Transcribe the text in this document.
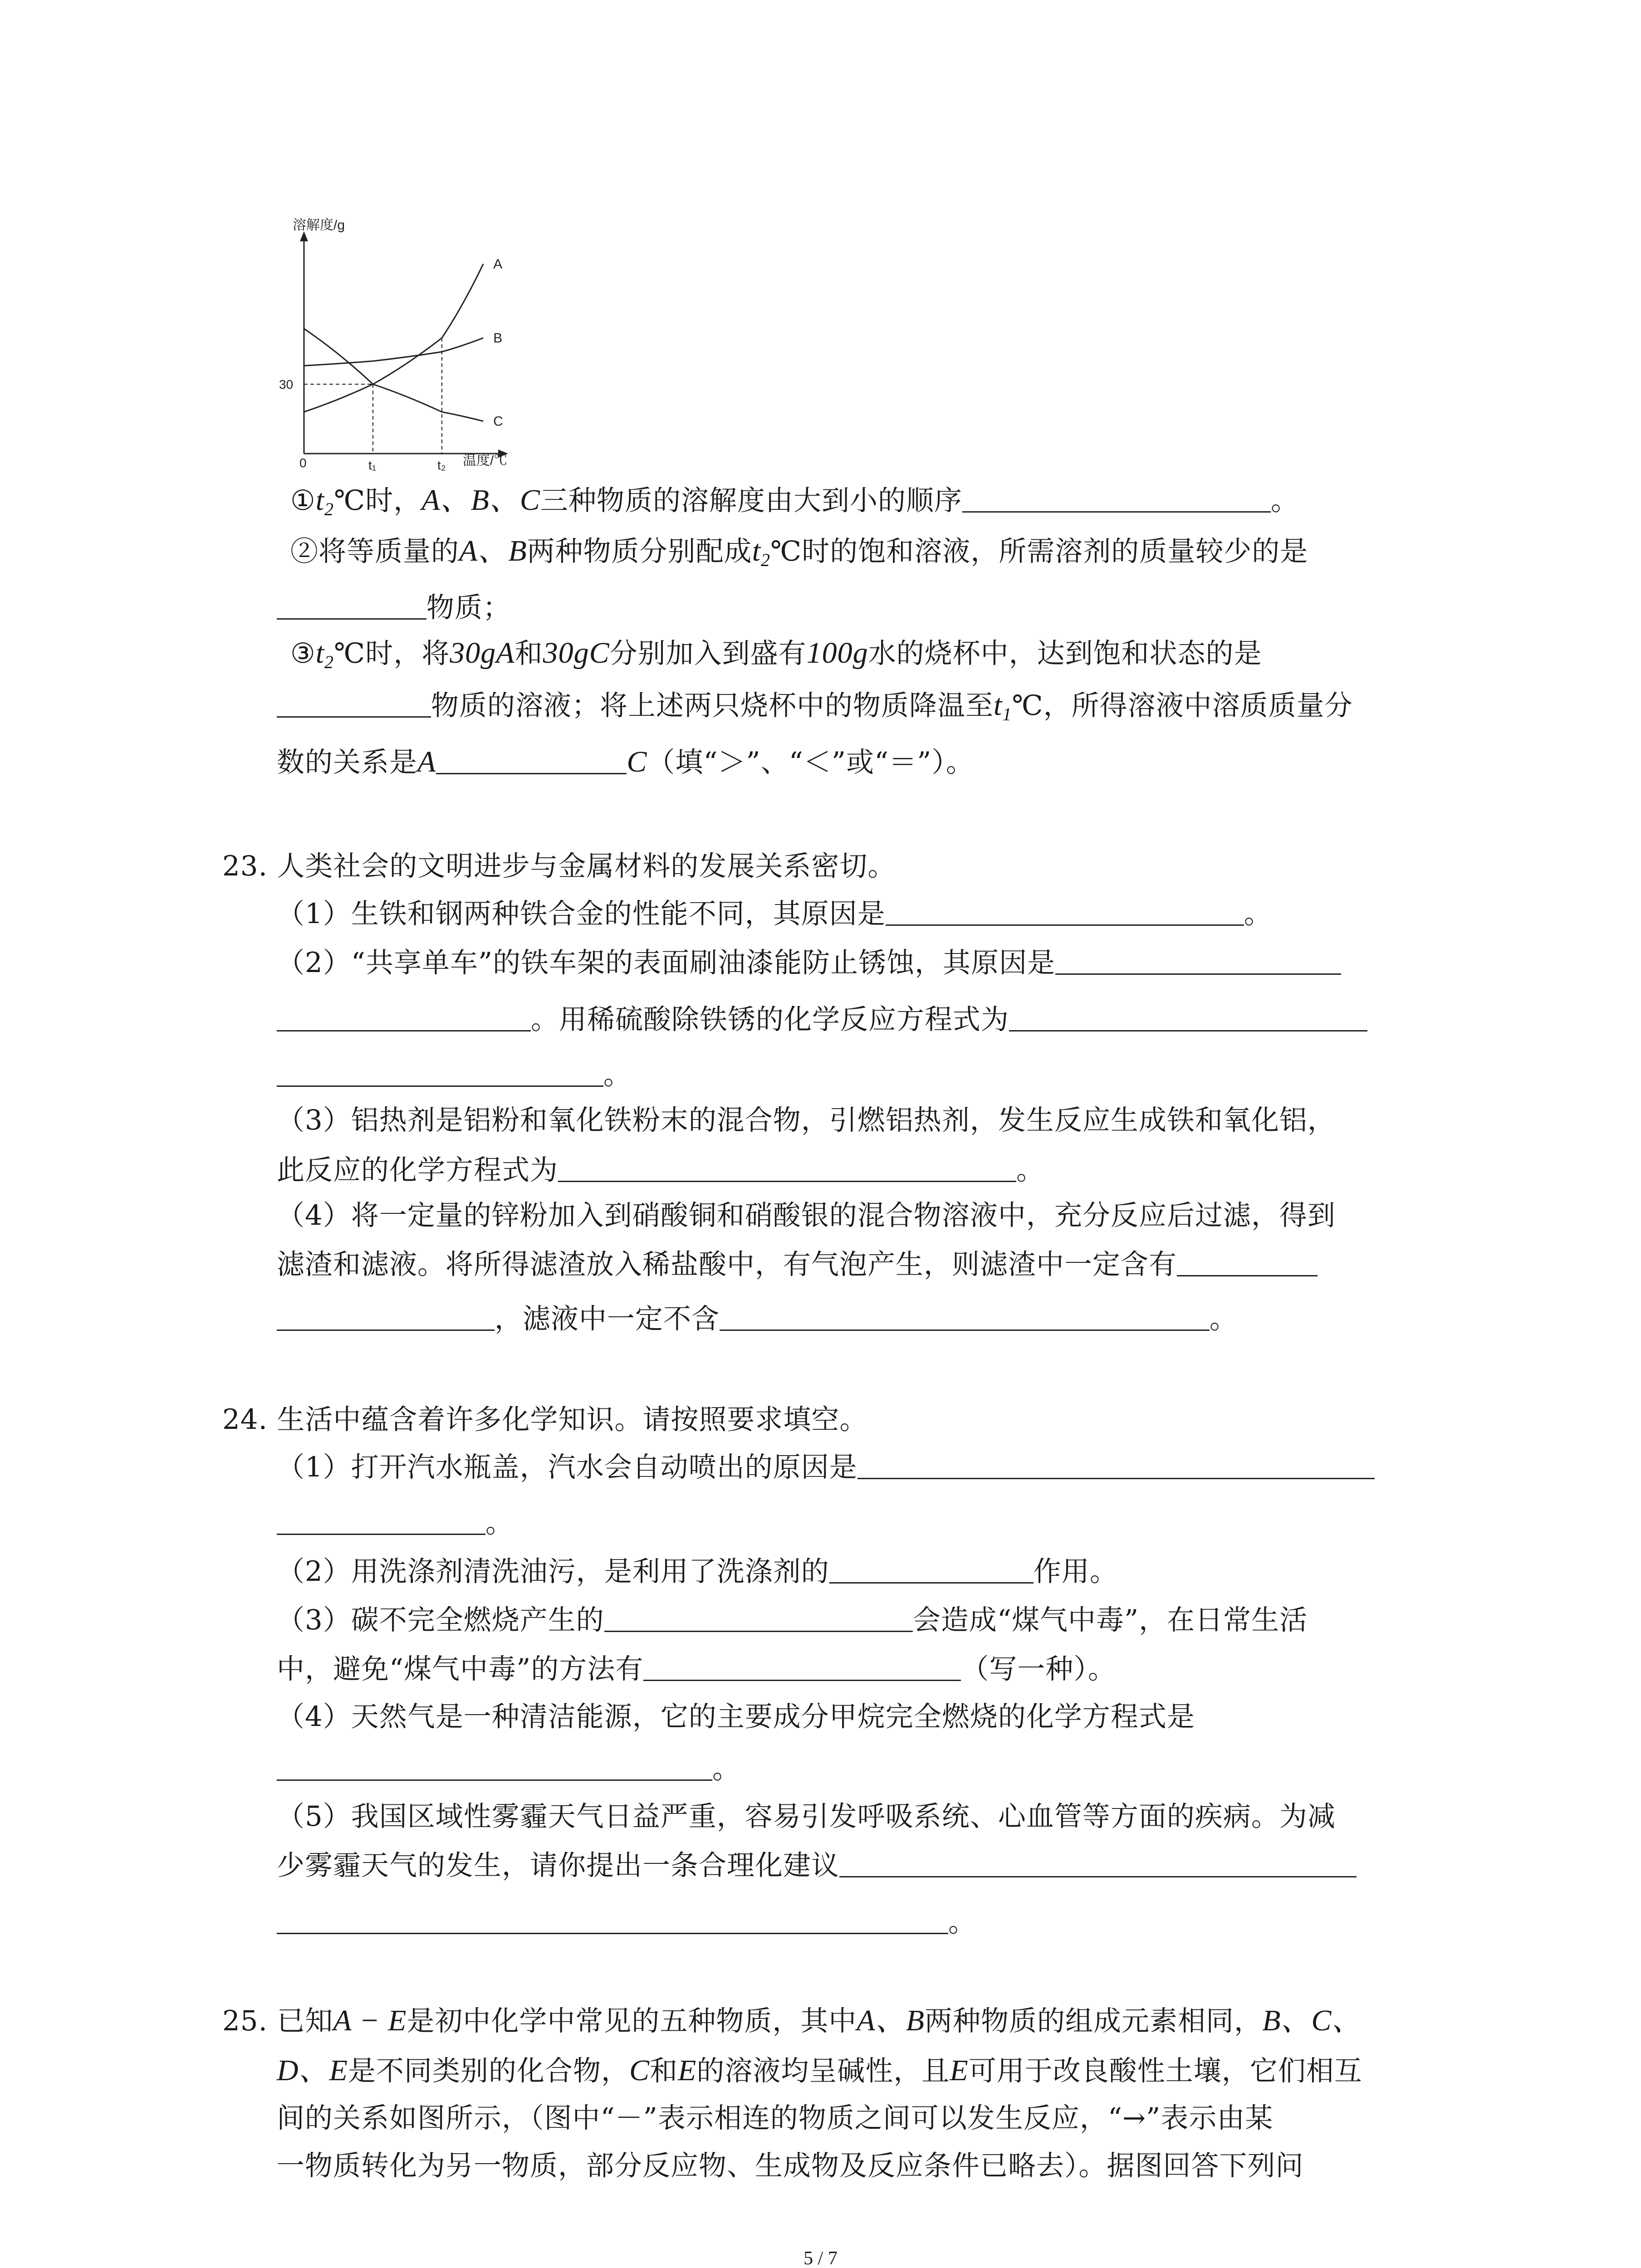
溶解度/g
温度/℃
0
30
t₁	t₂
A
B
C
$①t_2℃$时，A、B、C三种物质的溶解度由大到小的顺序	。
②将等质量的A、B两种物质分别配成$t_2℃$时的饱和溶液，所需溶剂的质量较少的是
物质；
$③t_2℃$时，将30gA和30gC分别加入到盛有100g水的烧杯中，达到饱和状态的是
物质的溶液；将上述两只烧杯中的物质降温至$t_1℃$，所得溶液中溶质质量分
数的关系是A	C（填“＞”、“＜”或“＝”）。
23. 人类社会的文明进步与金属材料的发展关系密切。
（1）生铁和钢两种铁合金的性能不同，其原因是	。
（2）“共享单车”的铁车架的表面刷油漆能防止锈蚀，其原因是
。用稀硫酸除铁锈的化学反应方程式为
。
（3）铝热剂是铝粉和氧化铁粉末的混合物，引燃铝热剂，发生反应生成铁和氧化铝，
此反应的化学方程式为	。
（4）将一定量的锌粉加入到硝酸铜和硝酸银的混合物溶液中，充分反应后过滤，得到
滤渣和滤液。将所得滤渣放入稀盐酸中，有气泡产生，则滤渣中一定含有
，滤液中一定不含	。
24. 生活中蕴含着许多化学知识。请按照要求填空。
（1）打开汽水瓶盖，汽水会自动喷出的原因是
。
（2）用洗涤剂清洗油污，是利用了洗涤剂的	作用。
（3）碳不完全燃烧产生的	会造成“煤气中毒”，在日常生活
中，避免“煤气中毒”的方法有	（写一种）。
（4）天然气是一种清洁能源，它的主要成分甲烷完全燃烧的化学方程式是
。
（5）我国区域性雾霾天气日益严重，容易引发呼吸系统、心血管等方面的疾病。为减
少雾霾天气的发生，请你提出一条合理化建议
。
25. 已知A − E是初中化学中常见的五种物质，其中A、B两种物质的组成元素相同，B、C、
D、E是不同类别的化合物，C和E的溶液均呈碱性，且E可用于改良酸性土壤，它们相互
间的关系如图所示，（图中“－”表示相连的物质之间可以发生反应，“→”表示由某
一物质转化为另一物质，部分反应物、生成物及反应条件已略去）。据图回答下列问
5 / 7
